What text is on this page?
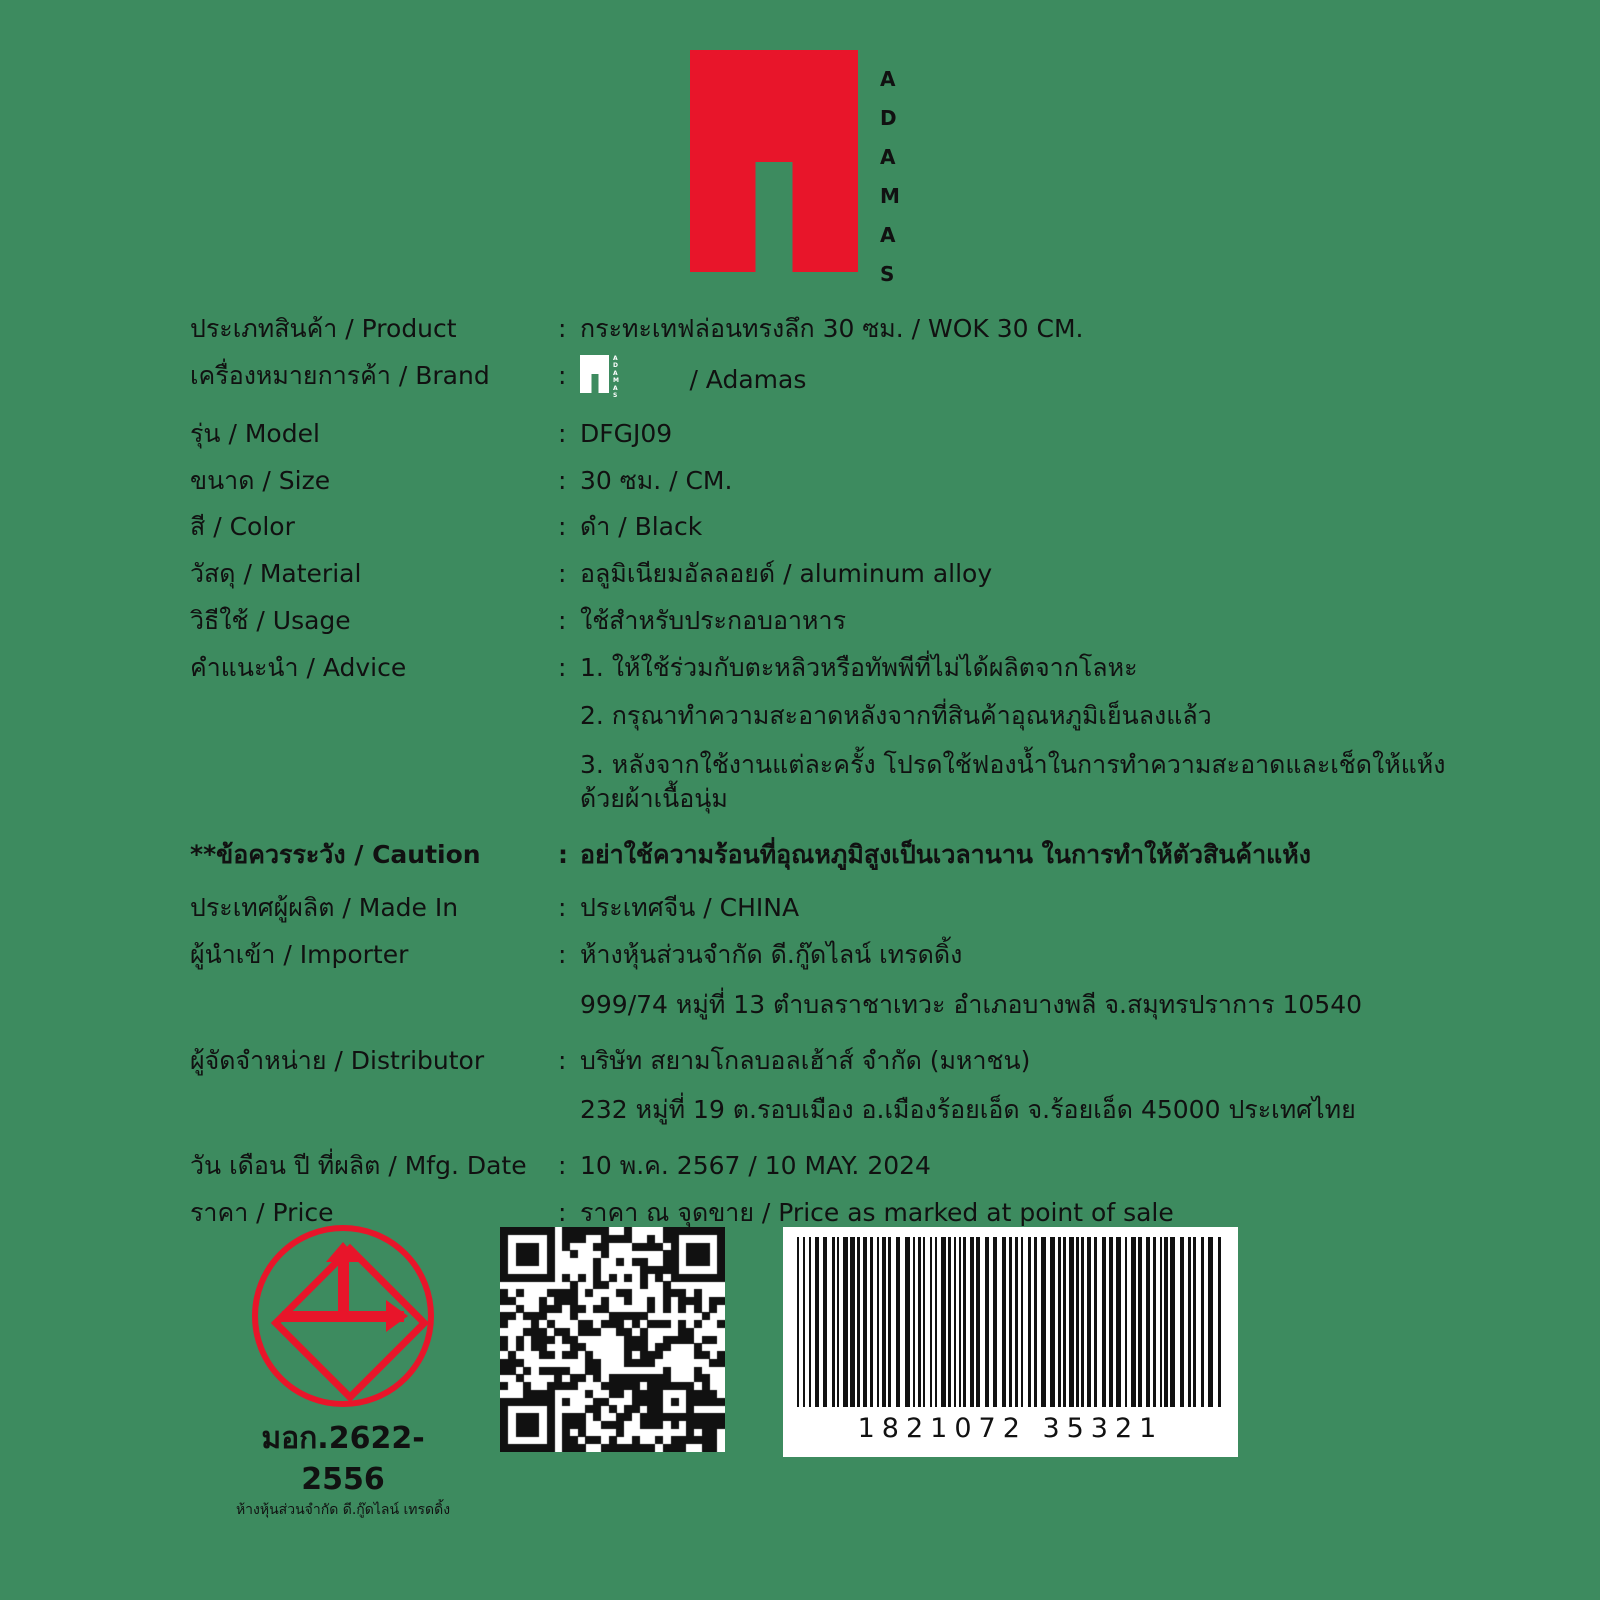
A
D
A
M
A
S
ประเภทสินค้า / Product	: กระทะเทฟล่อนทรงลึก 30 ซม. / WOK 30 CM.
เครื่องหมายการค้า / Brand	:
A
D
A
M
A
S
/ Adamas
รุ่น / Model	: DFGJ09
ขนาด / Size	: 30 ซม. / CM.
สี / Color	: ดำ / Black
วัสดุ / Material	: อลูมิเนียมอัลลอยด์ / aluminum alloy
วิธีใช้ / Usage	: ใช้สำหรับประกอบอาหาร
คำแนะนำ / Advice	: 1. ให้ใช้ร่วมกับตะหลิวหรือทัพพีที่ไม่ได้ผลิตจากโลหะ
2. กรุณาทำความสะอาดหลังจากที่สินค้าอุณหภูมิเย็นลงแล้ว
3. หลังจากใช้งานแต่ละครั้ง โปรดใช้ฟองน้ำในการทำความสะอาดและเช็ดให้แห้งด้วยผ้าเนื้อนุ่ม
**ข้อควรระวัง / Caution	: อย่าใช้ความร้อนที่อุณหภูมิสูงเป็นเวลานาน ในการทำให้ตัวสินค้าแห้ง
ประเทศผู้ผลิต / Made In	: ประเทศจีน / CHINA
ผู้นำเข้า / Importer	: ห้างหุ้นส่วนจำกัด ดี.กู๊ดไลน์ เทรดดิ้ง
999/74 หมู่ที่ 13 ตำบลราชาเทวะ อำเภอบางพลี จ.สมุทรปราการ 10540
ผู้จัดจำหน่าย / Distributor	: บริษัท สยามโกลบอลเฮ้าส์ จำกัด (มหาชน)
232 หมู่ที่ 19 ต.รอบเมือง อ.เมืองร้อยเอ็ด จ.ร้อยเอ็ด 45000 ประเทศไทย
วัน เดือน ปี ที่ผลิต / Mfg. Date	: 10 พ.ค. 2567 / 10 MAY. 2024
ราคา / Price	: ราคา ณ จุดขาย / Price as marked at point of sale
มอก.2622-2556
ห้างหุ้นส่วนจำกัด ดี.กู๊ดไลน์ เทรดดิ้ง
1821072 35321
